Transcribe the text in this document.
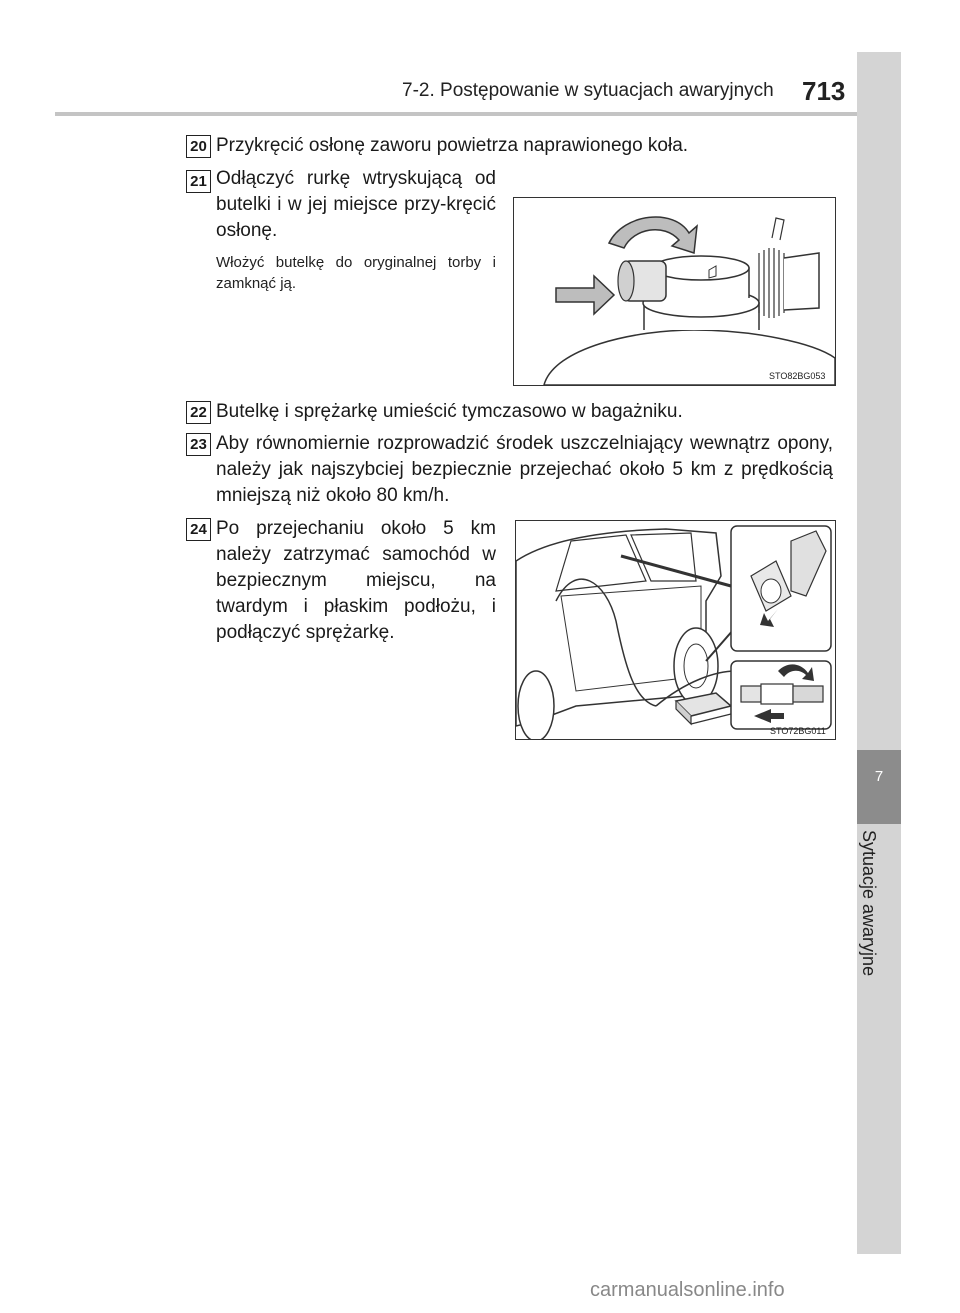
7-2. Postępowanie w sytuacjach awaryjnych 713
7
Sytuacje awaryjne
20 Przykręcić osłonę zaworu powietrza naprawionego koła.
21 Odłączyć rurkę wtryskującą od butelki i w jej miejsce przy-kręcić osłonę.
Włożyć butelkę do oryginalnej torby i zamknąć ją.
STO82BG053
22 Butelkę i sprężarkę umieścić tymczasowo w bagażniku.
23 Aby równomiernie rozprowadzić środek uszczelniający wewnątrz opony, należy jak najszybciej bezpiecznie przejechać około 5 km z prędkością mniejszą niż około 80 km/h.
24 Po przejechaniu około 5 km należy zatrzymać samochód w bezpiecznym miejscu, na twardym i płaskim podłożu, i podłączyć sprężarkę.
STO72BG011
carmanualsonline.info
